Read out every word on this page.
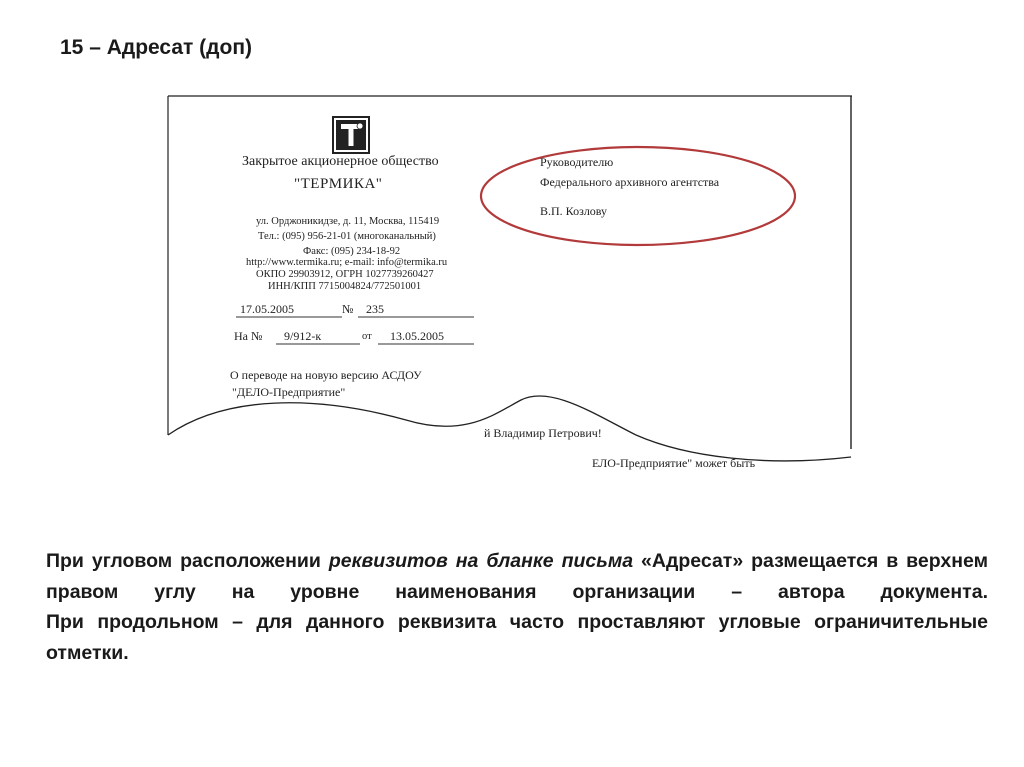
15 – Адресат (доп)
Закрытое акционерное общество
"ТЕРМИКА"
ул. Орджоникидзе, д. 11, Москва, 115419
Тел.: (095) 956-21-01 (многоканальный)
Факс: (095) 234-18-92
http://www.termika.ru; e-mail: info@termika.ru
ОКПО 29903912, ОГРН 1027739260427
ИНН/КПП 7715004824/772501001
17.05.2005	№ 235
На № 9/912-к	от 13.05.2005
О переводе на новую версию АСДОУ
"ДЕЛО-Предприятие"
Руководителю
Федерального архивного агентства
В.П. Козлову
й Владимир Петрович!
ЕЛО-Предприятие" может быть

При угловом расположении реквизитов на бланке письма «Адресат» размещается в верхнем правом углу на уровне наименования организации – автора документа.

При продольном – для данного реквизита часто проставляют угловые ограничительные отметки.
